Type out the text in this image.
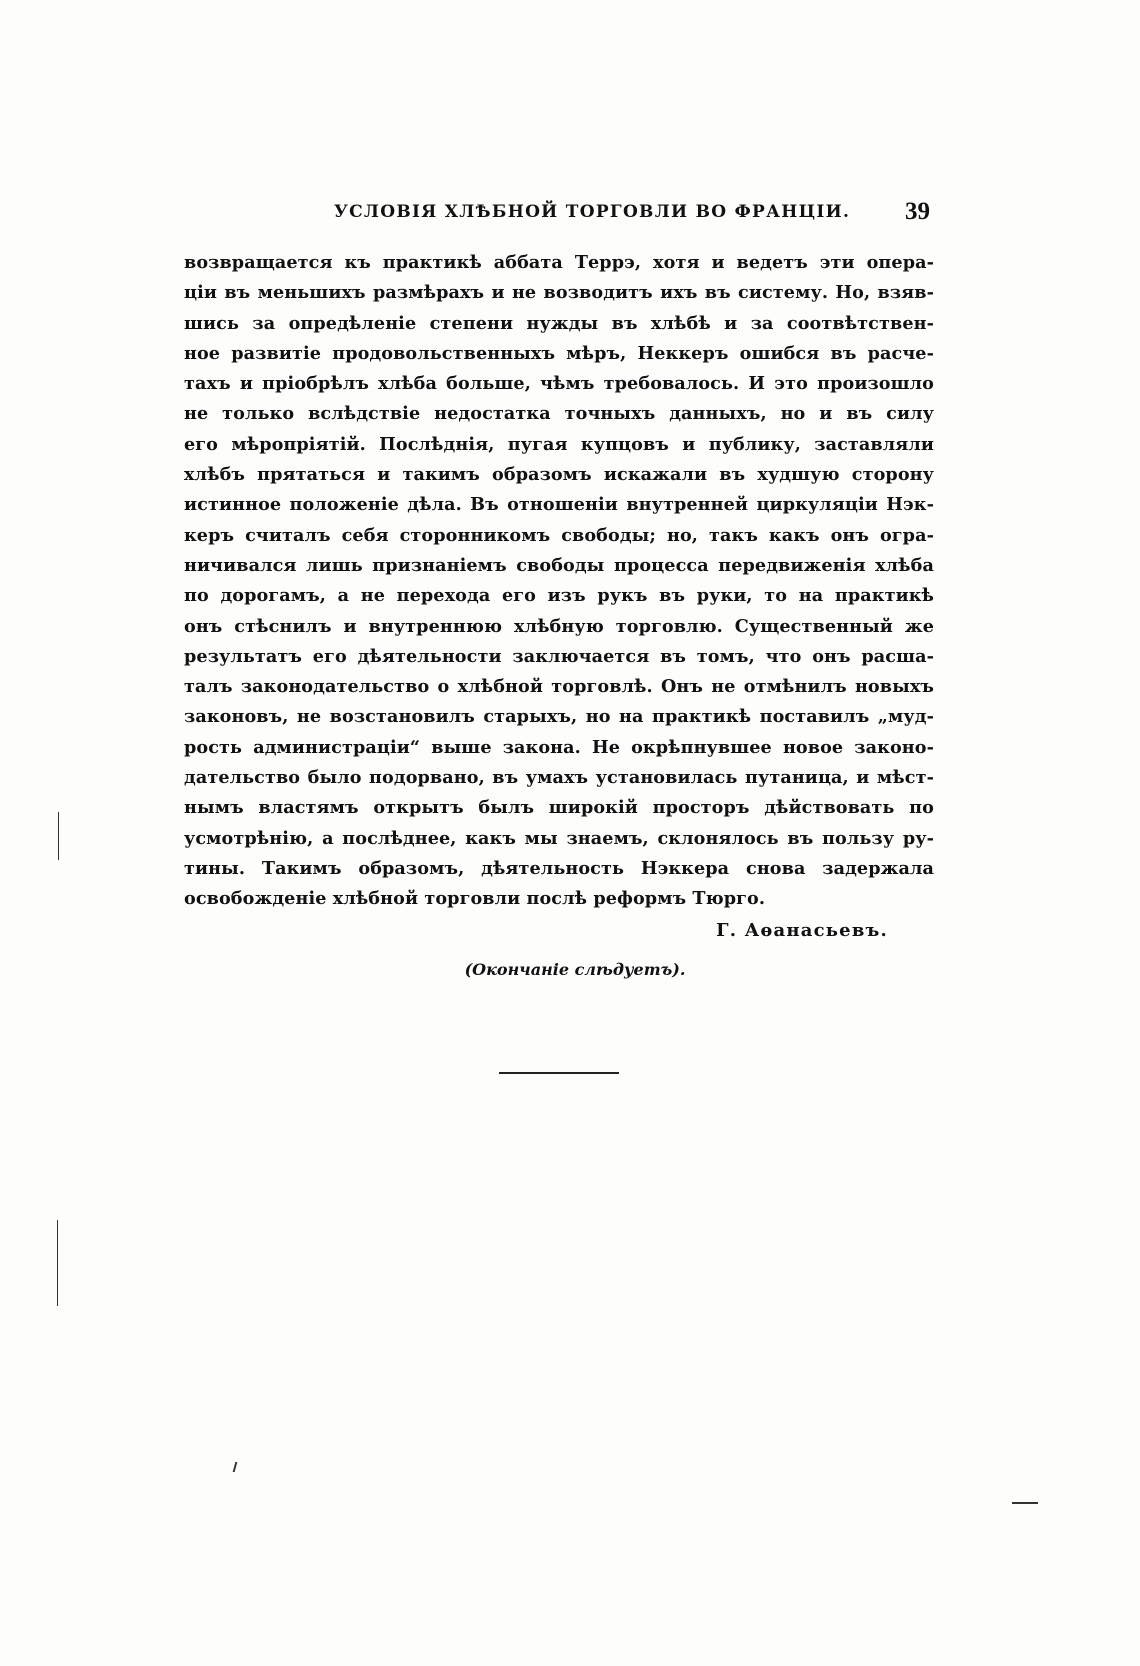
УСЛОВІЯ ХЛѢБНОЙ ТОРГОВЛИ ВО ФРАНЦІИ. 39
возвращается къ практикѣ аббата Террэ, хотя и ведетъ эти опера-
ціи въ меньшихъ размѣрахъ и не возводитъ ихъ въ систему. Но, взяв-
шись за опредѣленіе степени нужды въ хлѣбѣ и за соотвѣтствен-
ное развитіе продовольственныхъ мѣръ, Неккеръ ошибся въ расче-
тахъ и пріобрѣлъ хлѣба больше, чѣмъ требовалось. И это произошло
не только вслѣдствіе недостатка точныхъ данныхъ, но и въ силу
его мѣропріятій. Послѣднія, пугая купцовъ и публику, заставляли
хлѣбъ прятаться и такимъ образомъ искажали въ худшую сторону
истинное положеніе дѣла. Въ отношеніи внутренней циркуляціи Нэк-
керъ считалъ себя сторонникомъ свободы; но, такъ какъ онъ огра-
ничивался лишь признаніемъ свободы процесса передвиженія хлѣба
по дорогамъ, а не перехода его изъ рукъ въ руки, то на практикѣ
онъ стѣснилъ и внутреннюю хлѣбную торговлю. Существенный же
результатъ его дѣятельности заключается въ томъ, что онъ расша-
талъ законодательство о хлѣбной торговлѣ. Онъ не отмѣнилъ новыхъ
законовъ, не возстановилъ старыхъ, но на практикѣ поставилъ „муд-
рость администраціи“ выше закона. Не окрѣпнувшее новое законо-
дательство было подорвано, въ умахъ установилась путаница, и мѣст-
нымъ властямъ открытъ былъ широкій просторъ дѣйствовать по
усмотрѣнію, а послѣднее, какъ мы знаемъ, склонялось въ пользу ру-
тины. Такимъ образомъ, дѣятельность Нэккера снова задержала
освобожденіе хлѣбной торговли послѣ реформъ Тюрго.
Г. Аѳанасьевъ.
(Окончаніе слѣдуетъ).
